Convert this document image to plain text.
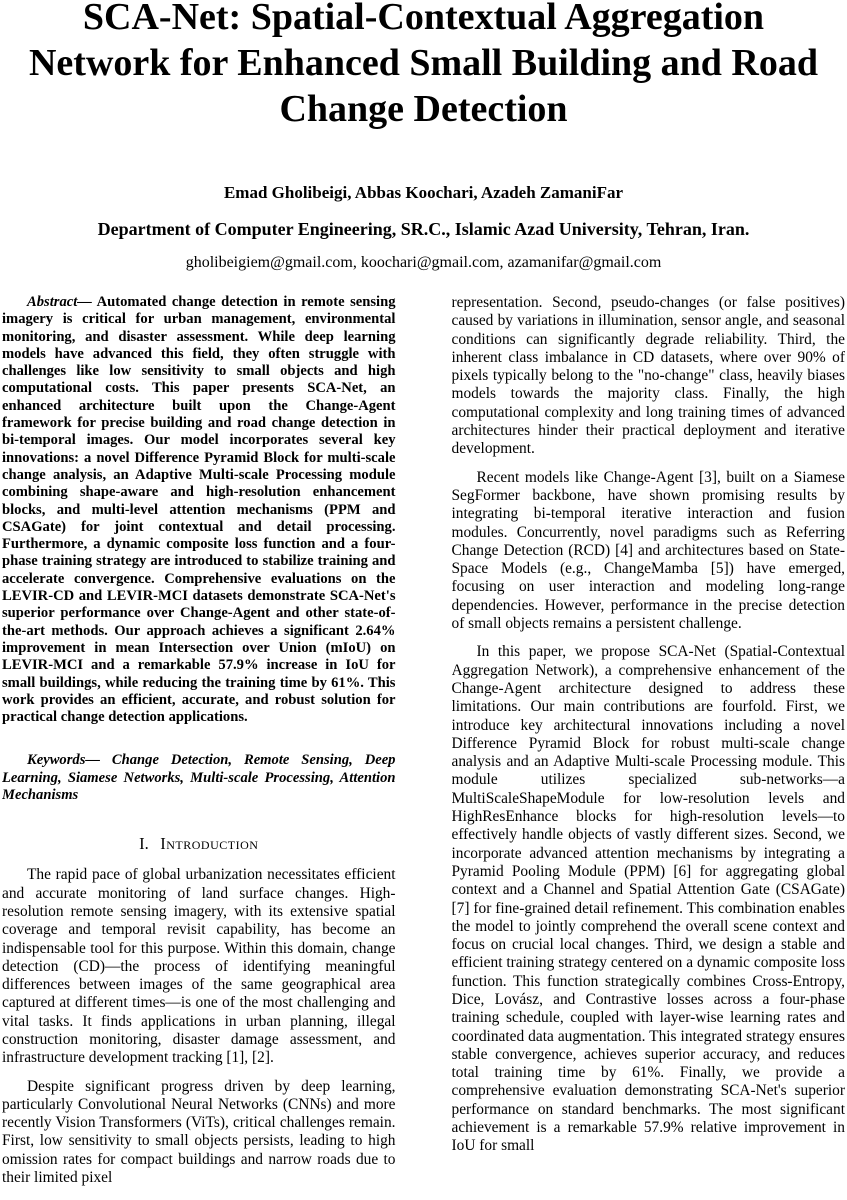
SCA-Net: Spatial-Contextual Aggregation
Network for Enhanced Small Building and Road
Change Detection
Emad Gholibeigi, Abbas Koochari, Azadeh ZamaniFar
Department of Computer Engineering, SR.C., Islamic Azad University, Tehran, Iran.
gholibeigiem@gmail.com, koochari@gmail.com, azamanifar@gmail.com

Abstract— Automated change detection in remote sensing imagery is critical for urban management, environmental monitoring, and disaster assessment. While deep learning models have advanced this field, they often struggle with challenges like low sensitivity to small objects and high computational costs. This paper presents SCA-Net, an enhanced architecture built upon the Change-Agent framework for precise building and road change detection in bi-temporal images. Our model incorporates several key innovations: a novel Difference Pyramid Block for multi-scale change analysis, an Adaptive Multi-scale Processing module combining shape-aware and high-resolution enhancement blocks, and multi-level attention mechanisms (PPM and CSAGate) for joint contextual and detail processing. Furthermore, a dynamic composite loss function and a four-phase training strategy are introduced to stabilize training and accelerate convergence. Comprehensive evaluations on the LEVIR-CD and LEVIR-MCI datasets demonstrate SCA-Net's superior performance over Change-Agent and other state-of-the-art methods. Our approach achieves a significant 2.64% improvement in mean Intersection over Union (mIoU) on LEVIR-MCI and a remarkable 57.9% increase in IoU for small buildings, while reducing the training time by 61%. This work provides an efficient, accurate, and robust solution for practical change detection applications.

Keywords— Change Detection, Remote Sensing, Deep Learning, Siamese Networks, Multi-scale Processing, Attention Mechanisms

I. Introduction

The rapid pace of global urbanization necessitates efficient and accurate monitoring of land surface changes. High-resolution remote sensing imagery, with its extensive spatial coverage and temporal revisit capability, has become an indispensable tool for this purpose. Within this domain, change detection (CD)—the process of identifying meaningful differences between images of the same geographical area captured at different times—is one of the most challenging and vital tasks. It finds applications in urban planning, illegal construction monitoring, disaster damage assessment, and infrastructure development tracking [1], [2].

Despite significant progress driven by deep learning, particularly Convolutional Neural Networks (CNNs) and more recently Vision Transformers (ViTs), critical challenges remain. First, low sensitivity to small objects persists, leading to high omission rates for compact buildings and narrow roads due to their limited pixel

representation. Second, pseudo-changes (or false positives) caused by variations in illumination, sensor angle, and seasonal conditions can significantly degrade reliability. Third, the inherent class imbalance in CD datasets, where over 90% of pixels typically belong to the "no-change" class, heavily biases models towards the majority class. Finally, the high computational complexity and long training times of advanced architectures hinder their practical deployment and iterative development.

Recent models like Change-Agent [3], built on a Siamese SegFormer backbone, have shown promising results by integrating bi-temporal iterative interaction and fusion modules. Concurrently, novel paradigms such as Referring Change Detection (RCD) [4] and architectures based on State-Space Models (e.g., ChangeMamba [5]) have emerged, focusing on user interaction and modeling long-range dependencies. However, performance in the precise detection of small objects remains a persistent challenge.

In this paper, we propose SCA-Net (Spatial-Contextual Aggregation Network), a comprehensive enhancement of the Change-Agent architecture designed to address these limitations. Our main contributions are fourfold. First, we introduce key architectural innovations including a novel Difference Pyramid Block for robust multi-scale change analysis and an Adaptive Multi-scale Processing module. This module utilizes specialized sub-networks—a MultiScaleShapeModule for low-resolution levels and HighResEnhance blocks for high-resolution levels—to effectively handle objects of vastly different sizes. Second, we incorporate advanced attention mechanisms by integrating a Pyramid Pooling Module (PPM) [6] for aggregating global context and a Channel and Spatial Attention Gate (CSAGate) [7] for fine-grained detail refinement. This combination enables the model to jointly comprehend the overall scene context and focus on crucial local changes. Third, we design a stable and efficient training strategy centered on a dynamic composite loss function. This function strategically combines Cross-Entropy, Dice, Lovász, and Contrastive losses across a four-phase training schedule, coupled with layer-wise learning rates and coordinated data augmentation. This integrated strategy ensures stable convergence, achieves superior accuracy, and reduces total training time by 61%. Finally, we provide a comprehensive evaluation demonstrating SCA-Net's superior performance on standard benchmarks. The most significant achievement is a remarkable 57.9% relative improvement in IoU for small
